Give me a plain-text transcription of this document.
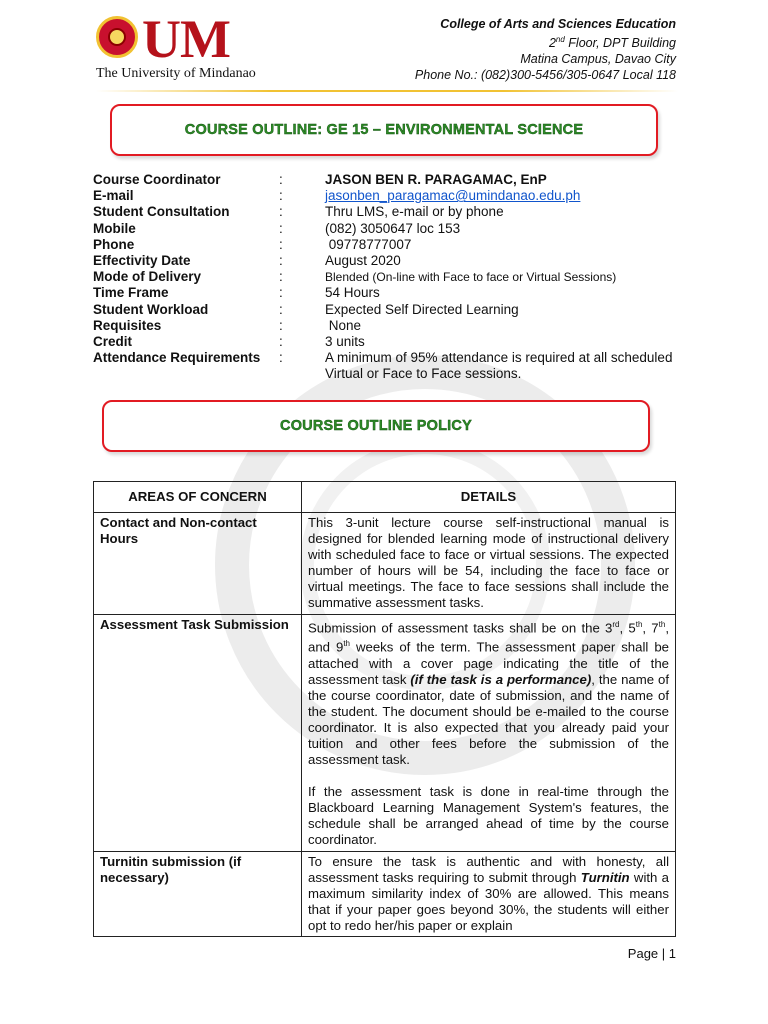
UM
The University of Mindanao
College of Arts and Sciences Education
2nd Floor, DPT Building
Matina Campus, Davao City
Phone No.: (082)300-5456/305-0647 Local 118
COURSE OUTLINE: GE 15 – ENVIRONMENTAL SCIENCE
Course Coordinator	:	JASON BEN R. PARAGAMAC, EnP
E-mail	:	jasonben_paragamac@umindanao.edu.ph
Student Consultation	:	Thru LMS, e-mail or by phone
Mobile	:	(082) 3050647 loc 153
Phone	:	09778777007
Effectivity Date	:	August 2020
Mode of Delivery	:	Blended (On-line with Face to face or Virtual Sessions)
Time Frame	:	54 Hours
Student Workload	:	Expected Self Directed Learning
Requisites	:	None
Credit	:	3 units
Attendance Requirements	:	A minimum of 95% attendance is required at all scheduled Virtual or Face to Face sessions.
COURSE OUTLINE POLICY
AREAS OF CONCERN	DETAILS
Contact and Non-contact Hours	This 3-unit lecture course self-instructional manual is designed for blended learning mode of instructional delivery with scheduled face to face or virtual sessions. The expected number of hours will be 54, including the face to face or virtual meetings. The face to face sessions shall include the summative assessment tasks.
Assessment Task Submission	Submission of assessment tasks shall be on the 3rd, 5th, 7th, and 9th weeks of the term. The assessment paper shall be attached with a cover page indicating the title of the assessment task (if the task is a performance), the name of the course coordinator, date of submission, and the name of the student. The document should be e-mailed to the course coordinator. It is also expected that you already paid your tuition and other fees before the submission of the assessment task.
If the assessment task is done in real-time through the Blackboard Learning Management System's features, the schedule shall be arranged ahead of time by the course coordinator.

Turnitin submission (if necessary)	To ensure the task is authentic and with honesty, all assessment tasks requiring to submit through Turnitin with a maximum similarity index of 30% are allowed. This means that if your paper goes beyond 30%, the students will either opt to redo her/his paper or explain
Page | 1
